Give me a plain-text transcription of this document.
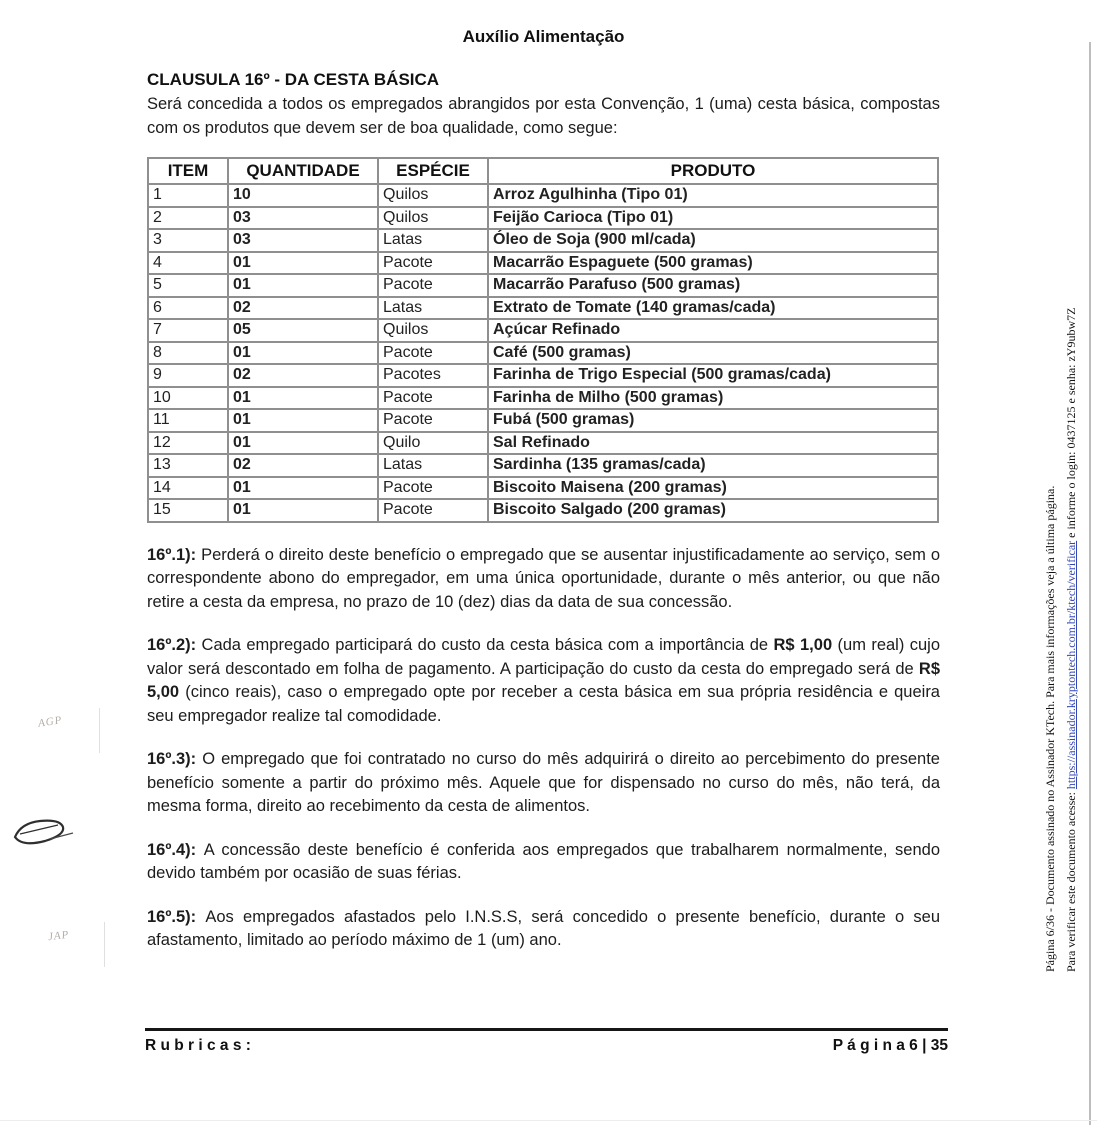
Auxílio Alimentação
CLAUSULA 16º - DA CESTA BÁSICA

Será concedida a todos os empregados abrangidos por esta Convenção, 1 (uma) cesta básica, compostas com os produtos que devem ser de boa qualidade, como segue:

ITEM	QUANTIDADE	ESPÉCIE	PRODUTO
1	10	Quilos	Arroz Agulhinha (Tipo 01)
2	03	Quilos	Feijão Carioca (Tipo 01)
3	03	Latas	Óleo de Soja (900 ml/cada)
4	01	Pacote	Macarrão Espaguete (500 gramas)
5	01	Pacote	Macarrão Parafuso (500 gramas)
6	02	Latas	Extrato de Tomate (140 gramas/cada)
7	05	Quilos	Açúcar Refinado
8	01	Pacote	Café (500 gramas)
9	02	Pacotes	Farinha de Trigo Especial (500 gramas/cada)
10	01	Pacote	Farinha de Milho (500 gramas)
11	01	Pacote	Fubá (500 gramas)
12	01	Quilo	Sal Refinado
13	02	Latas	Sardinha (135 gramas/cada)
14	01	Pacote	Biscoito Maisena (200 gramas)
15	01	Pacote	Biscoito Salgado (200 gramas)

16º.1): Perderá o direito deste benefício o empregado que se ausentar injustificadamente ao serviço, sem o correspondente abono do empregador, em uma única oportunidade, durante o mês anterior, ou que não retire a cesta da empresa, no prazo de 10 (dez) dias da data de sua concessão.

16º.2): Cada empregado participará do custo da cesta básica com a importância de R$ 1,00 (um real) cujo valor será descontado em folha de pagamento. A participação do custo da cesta do empregado será de R$ 5,00 (cinco reais), caso o empregado opte por receber a cesta básica em sua própria residência e queira seu empregador realize tal comodidade.

16º.3): O empregado que foi contratado no curso do mês adquirirá o direito ao percebimento do presente benefício somente a partir do próximo mês. Aquele que for dispensado no curso do mês, não terá, da mesma forma, direito ao recebimento da cesta de alimentos.

16º.4): A concessão deste benefício é conferida aos empregados que trabalharem normalmente, sendo devido também por ocasião de suas férias.

16º.5): Aos empregados afastados pelo I.N.S.S, será concedido o presente benefício, durante o seu afastamento, limitado ao período máximo de 1 (um) ano.

R u b r i c a s :	P á g i n a 6 | 35
Página 6/36 - Documento assinado no Assinador KTech. Para mais informações veja a última página. Para verificar este documento acesse: https://assinador.kryptontech.com.br/ktech/verificar e informe o login: 0437125 e senha: zY9ubw7Z
AGP
JAP
